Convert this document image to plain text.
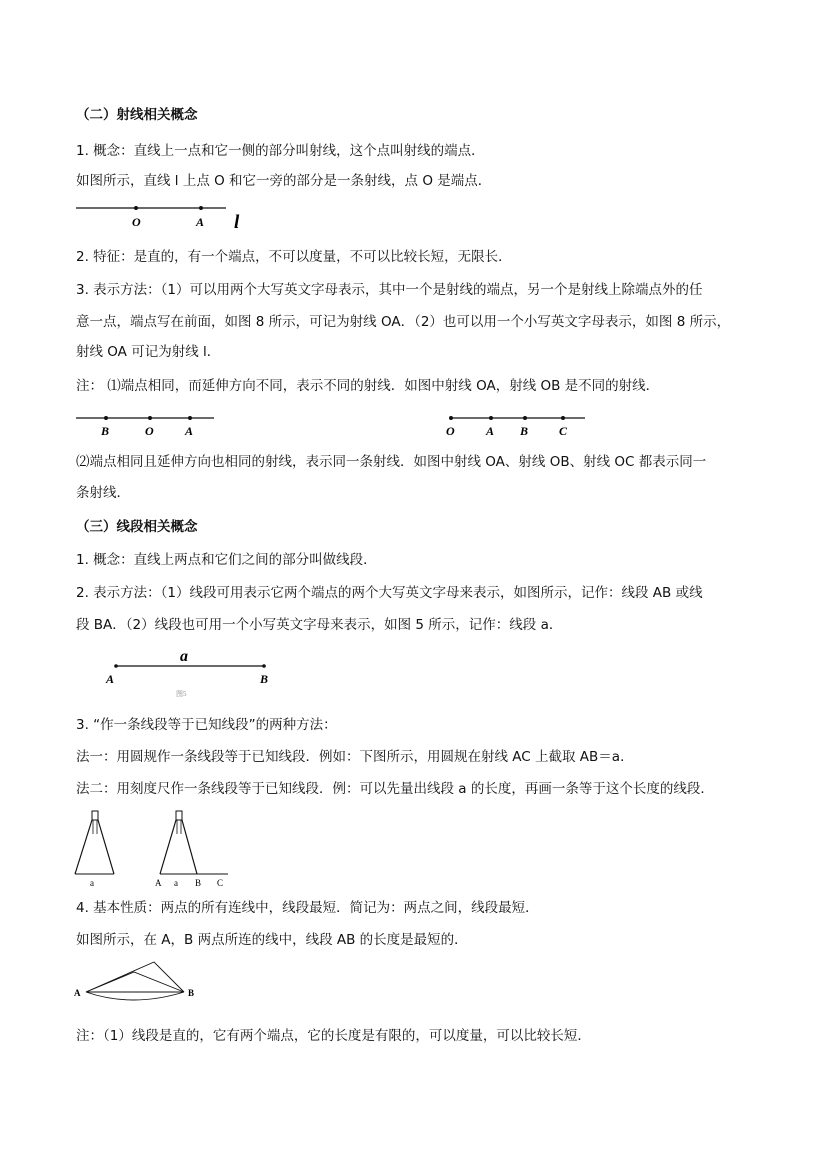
（二）射线相关概念
1. 概念：直线上一点和它一侧的部分叫射线，这个点叫射线的端点．
如图所示，直线 l 上点 O 和它一旁的部分是一条射线，点 O 是端点．
O	A l
2. 特征：是直的，有一个端点，不可以度量，不可以比较长短，无限长．
3. 表示方法：（1）可以用两个大写英文字母表示，其中一个是射线的端点，另一个是射线上除端点外的任
意一点，端点写在前面，如图 8 所示，可记为射线 OA．（2）也可以用一个小写英文字母表示，如图 8 所示，
射线 OA 可记为射线 l．
注： ⑴端点相同，而延伸方向不同，表示不同的射线．如图中射线 OA，射线 OB 是不同的射线．
B	O	A	O	A B	C
⑵端点相同且延伸方向也相同的射线，表示同一条射线．如图中射线 OA、射线 OB、射线 OC 都表示同一
条射线．
（三）线段相关概念
1. 概念：直线上两点和它们之间的部分叫做线段．
2. 表示方法：（1）线段可用表示它两个端点的两个大写英文字母来表示，如图所示，记作：线段 AB 或线
段 BA．（2）线段也可用一个小写英文字母来表示，如图 5 所示，记作：线段 a．
a
A	B
图5
3. “作一条线段等于已知线段”的两种方法：
法一：用圆规作一条线段等于已知线段．例如：下图所示，用圆规在射线 AC 上截取 AB＝a．
法二：用刻度尺作一条线段等于已知线段．例：可以先量出线段 a 的长度，再画一条等于这个长度的线段．
a	A a B C
4. 基本性质：两点的所有连线中，线段最短．简记为：两点之间，线段最短．
如图所示，在 A，B 两点所连的线中，线段 AB 的长度是最短的．
A	B
注：（1）线段是直的，它有两个端点，它的长度是有限的，可以度量，可以比较长短．
